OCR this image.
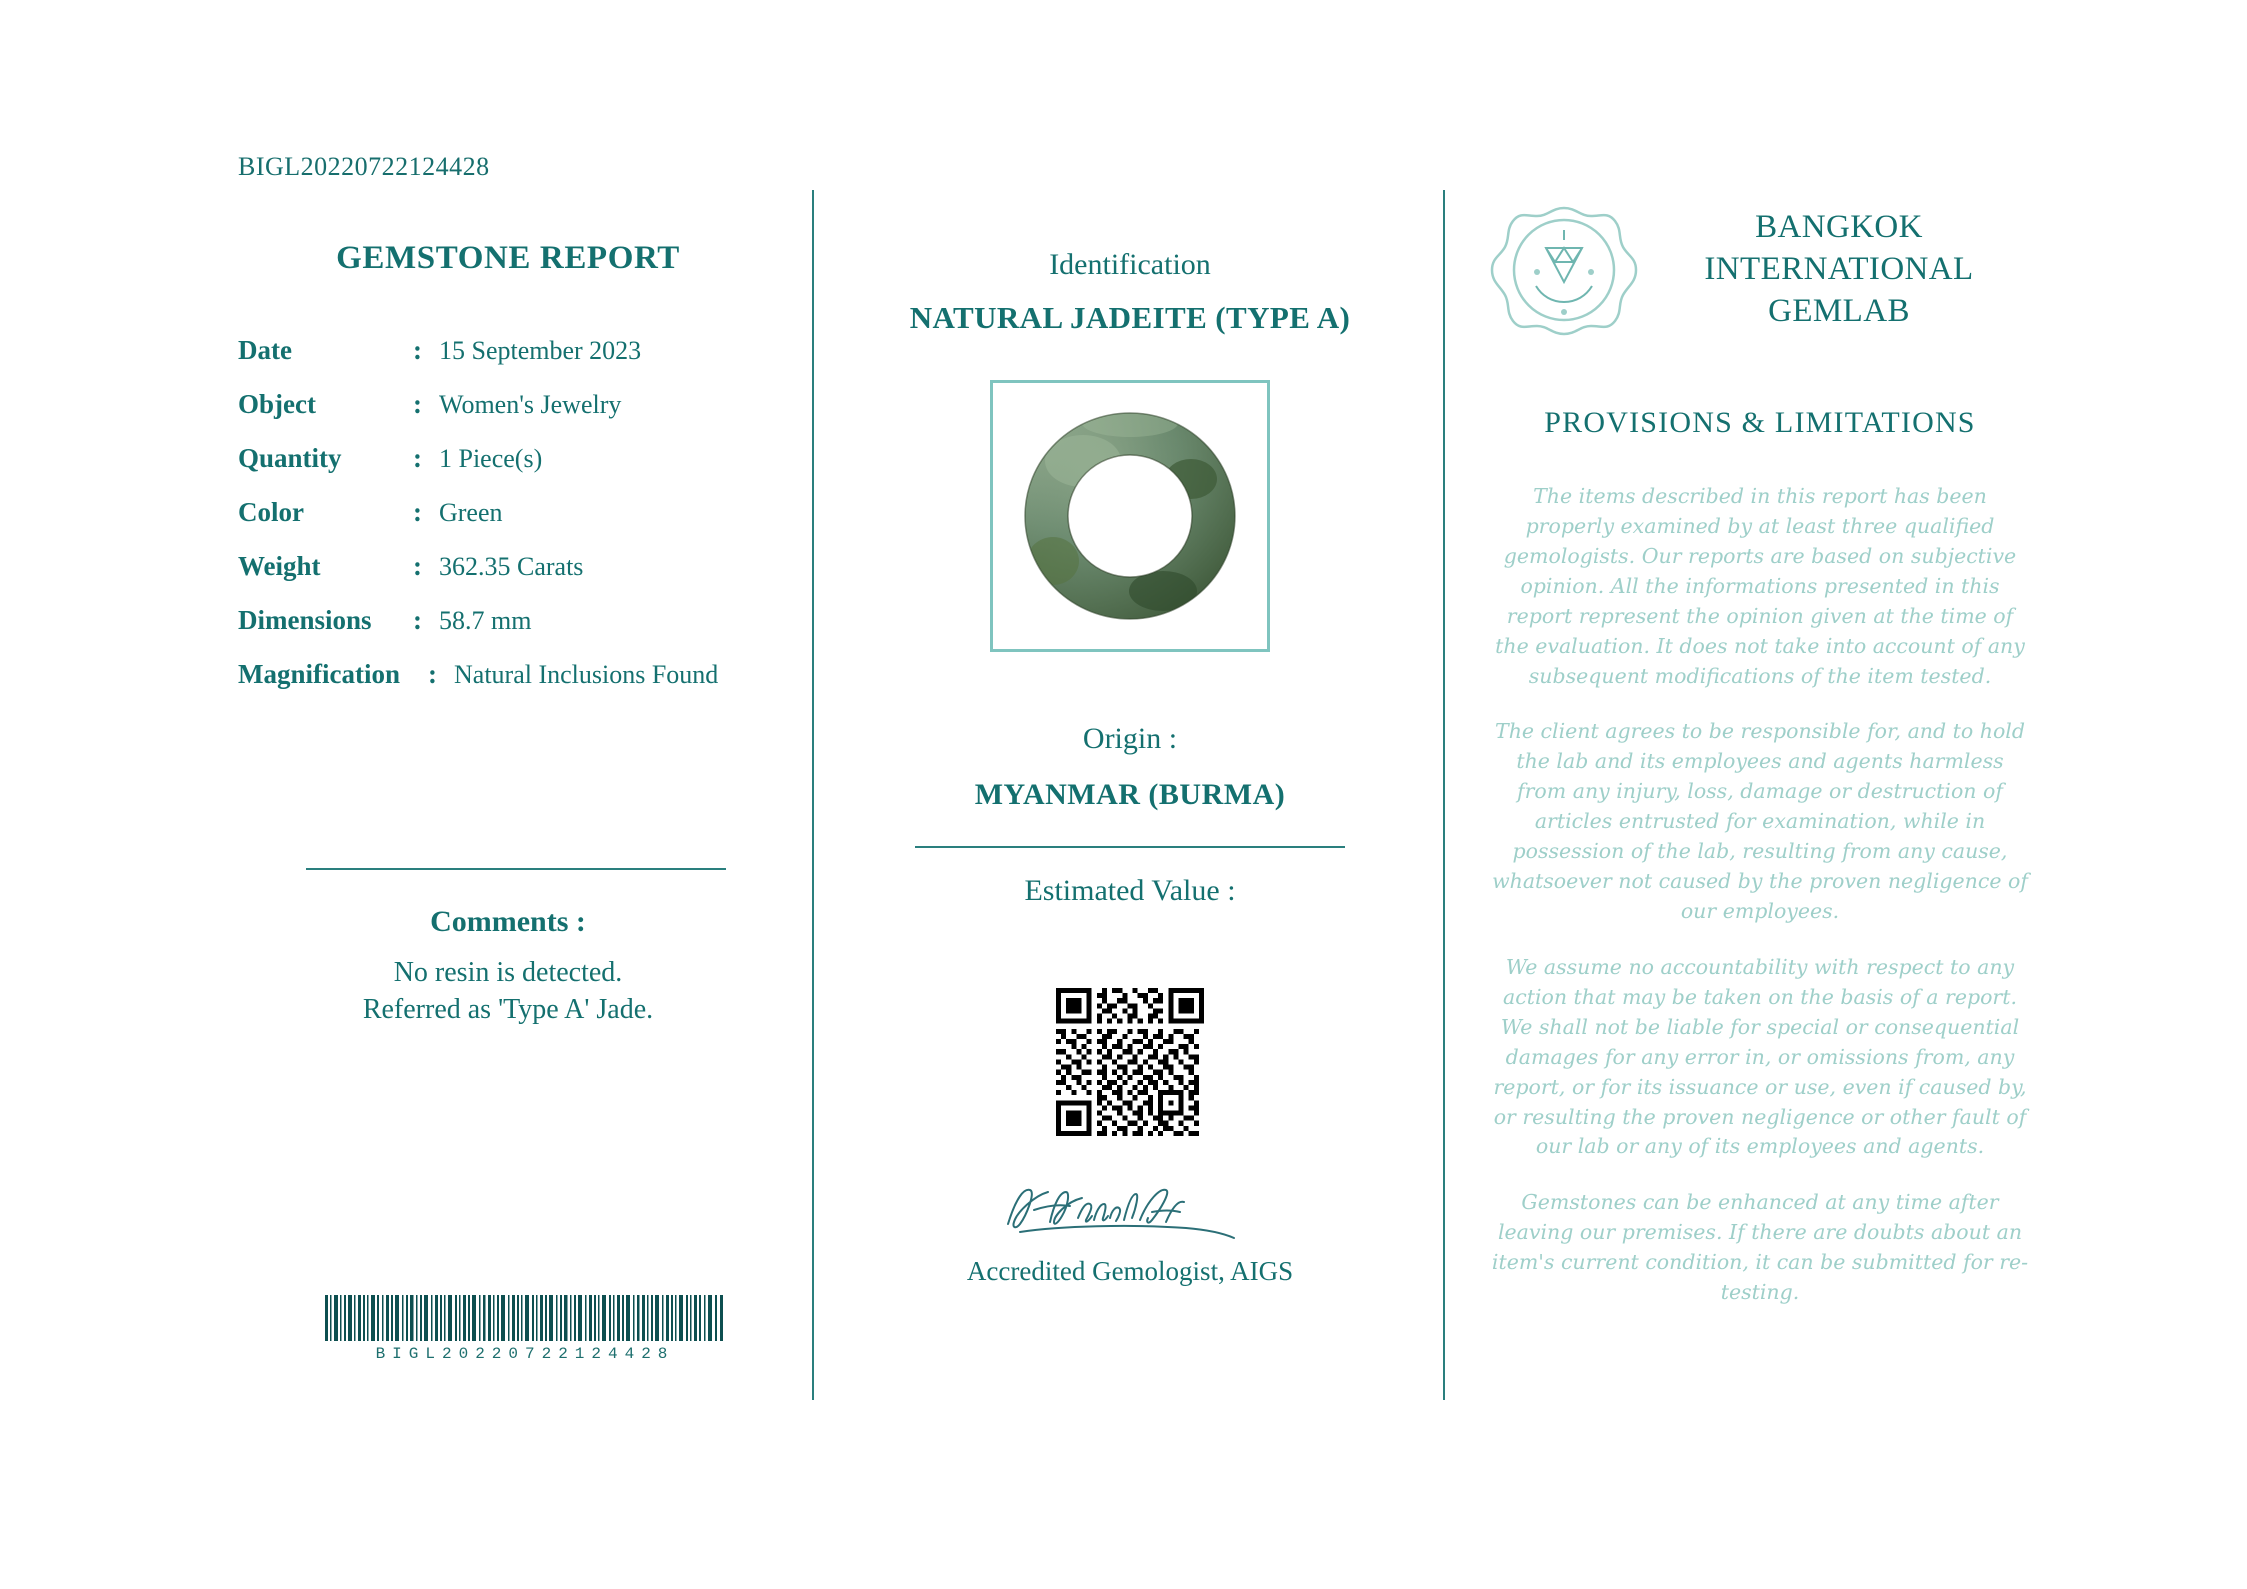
BIGL20220722124428
GEMSTONE REPORT
Date	: 15 September 2023
Object	: Women's Jewelry
Quantity	: 1 Piece(s)
Color	: Green
Weight	: 362.35 Carats
Dimensions	: 58.7 mm
Magnification	: Natural Inclusions Found
Comments :
No resin is detected.
Referred as 'Type A' Jade.
BIGL20220722124428
Identification
NATURAL JADEITE (TYPE A)
Origin :
MYANMAR (BURMA)
Estimated Value :
Accredited Gemologist, AIGS
BANGKOK
INTERNATIONAL
GEMLAB
PROVISIONS & LIMITATIONS

The items described in this report has been properly examined by at least three qualified gemologists. Our reports are based on subjective opinion. All the informations presented in this report represent the opinion given at the time of the evaluation. It does not take into account of any subsequent modifications of the item tested.

The client agrees to be responsible for, and to hold the lab and its employees and agents harmless from any injury, loss, damage or destruction of articles entrusted for examination, while in possession of the lab, resulting from any cause, whatsoever not caused by the proven negligence of our employees.

We assume no accountability with respect to any action that may be taken on the basis of a report. We shall not be liable for special or consequential damages for any error in, or omissions from, any report, or for its issuance or use, even if caused by, or resulting the proven negligence or other fault of our lab or any of its employees and agents.

Gemstones can be enhanced at any time after leaving our premises. If there are doubts about an item's current condition, it can be submitted for re-testing.
